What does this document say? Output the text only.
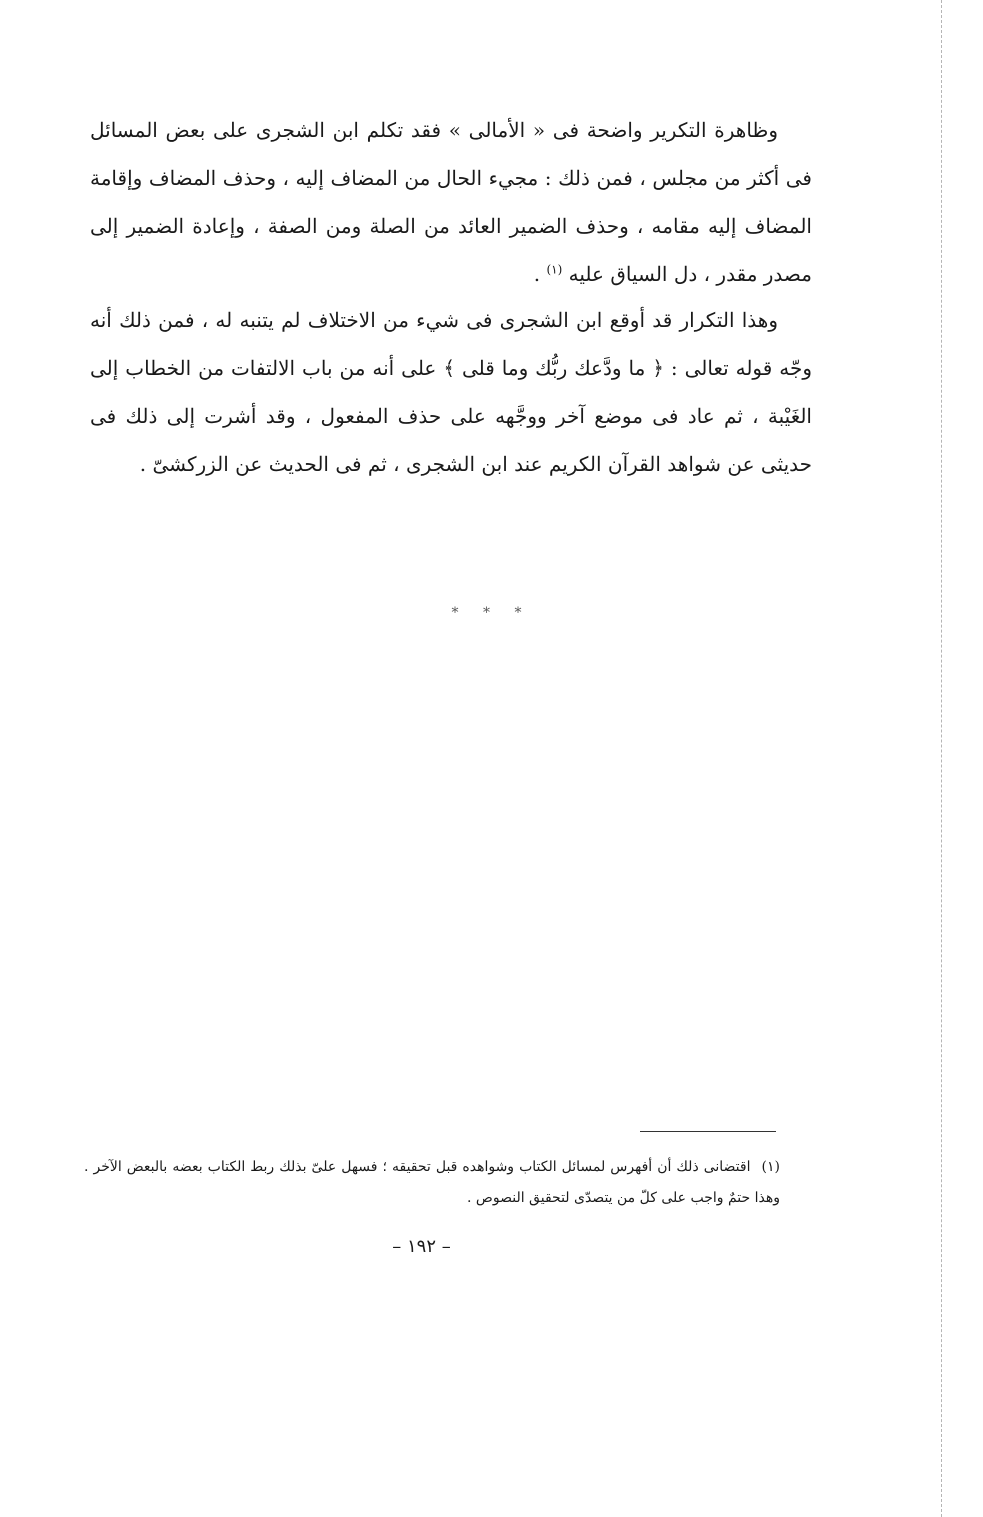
وظاهرة التكرير واضحة فى « الأمالى » فقد تكلم ابن الشجرى على بعض المسائل فى أكثر من مجلس ، فمن ذلك : مجيء الحال من المضاف إليه ، وحذف المضاف وإقامة المضاف إليه مقامه ، وحذف الضمير العائد من الصلة ومن الصفة ، وإعادة الضمير إلى مصدر مقدر ، دل السياق عليه $^{(١)}$ .

وهذا التكرار قد أوقع ابن الشجرى فى شيء من الاختلاف لم يتنبه له ، فمن ذلك أنه وجّه قوله تعالى : ﴿ ما ودَّعك ربُّك وما قلى ﴾ على أنه من باب الالتفات من الخطاب إلى الغَيْبة ، ثم عاد فى موضع آخر ووجَّهه على حذف المفعول ، وقد أشرت إلى ذلك فى حديثى عن شواهد القرآن الكريم عند ابن الشجرى ، ثم فى الحديث عن الزركشىّ .

* * *

(١) اقتضانى ذلك أن أفهرس لمسائل الكتاب وشواهده قبل تحقيقه ؛ فسهل علىّ بذلك ربط الكتاب بعضه بالبعض الآخر . وهذا حتمٌ واجب على كلّ من يتصدّى لتحقيق النصوص .

– ١٩٢ –
